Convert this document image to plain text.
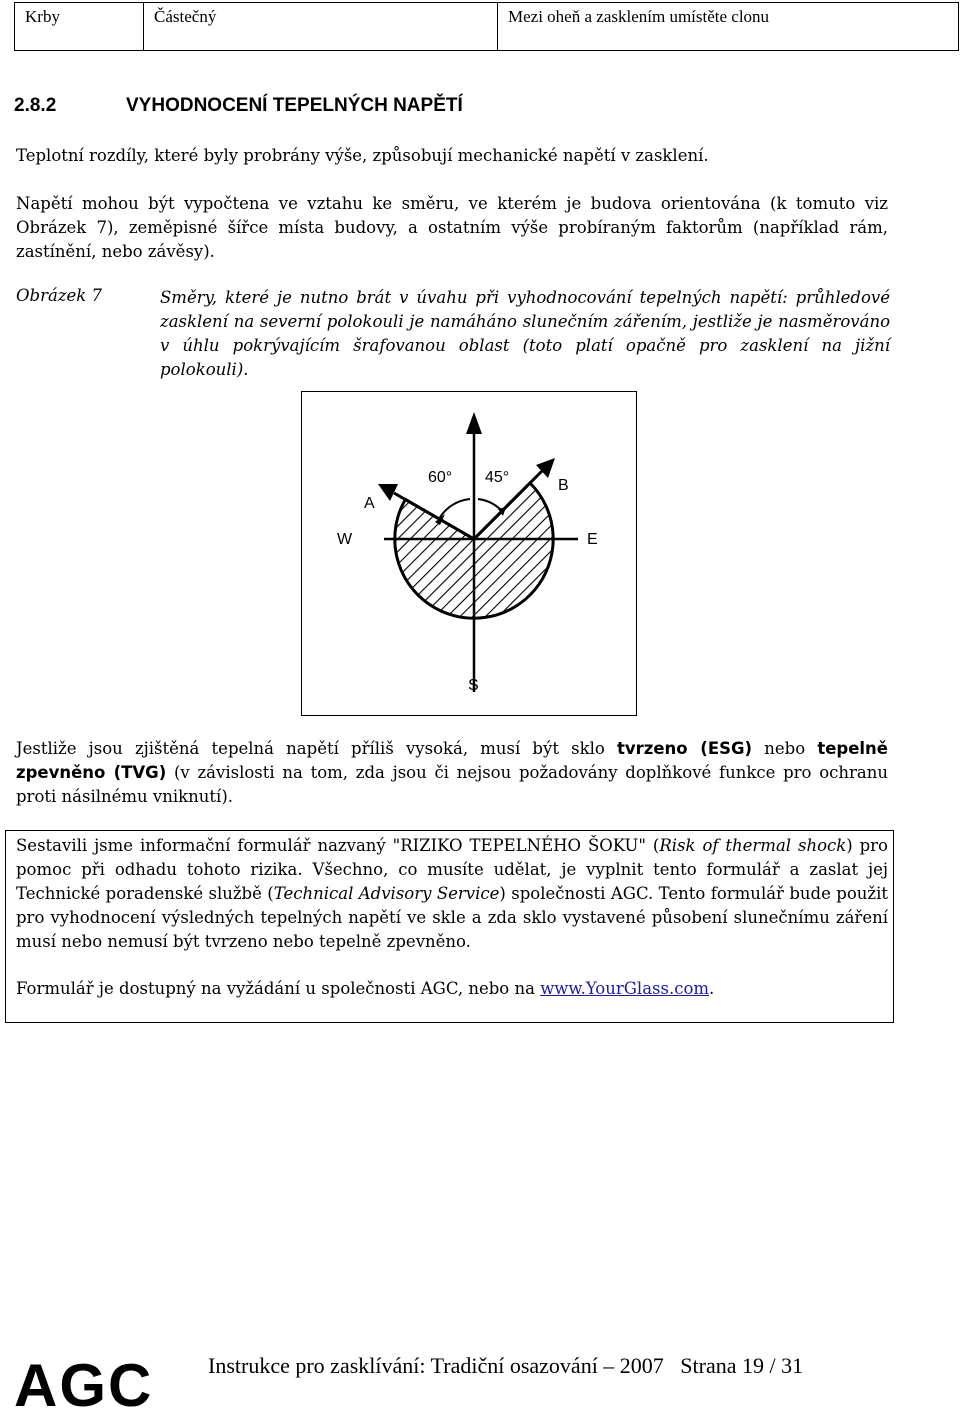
Krby	Částečný	Mezi oheň a zasklením umístěte clonu
2.8.2	VYHODNOCENÍ TEPELNÝCH NAPĚTÍ
Teplotní rozdíly, které byly probrány výše, způsobují mechanické napětí v zasklení.
Napětí mohou být vypočtena ve vztahu ke směru, ve kterém je budova orientována (k tomuto viz Obrázek 7), zeměpisné šířce místa budovy, a ostatním výše probíraným faktorům (například rám, zastínění, nebo závěsy).
Obrázek 7	Směry, které je nutno brát v úvahu při vyhodnocování tepelných napětí: průhledové zasklení na severní polokouli je namáháno slunečním zářením, jestliže je nasměrováno v úhlu pokrývajícím šrafovanou oblast (toto platí opačně pro zasklení na jižní polokouli).
60° 45°
A
B
W	E
S
Jestliže jsou zjištěná tepelná napětí příliš vysoká, musí být sklo tvrzeno (ESG) nebo tepelně zpevněno (TVG) (v závislosti na tom, zda jsou či nejsou požadovány doplňkové funkce pro ochranu proti násilnému vniknutí).

Sestavili jsme informační formulář nazvaný "RIZIKO TEPELNÉHO ŠOKU" (Risk of thermal shock) pro pomoc při odhadu tohoto rizika. Všechno, co musíte udělat, je vyplnit tento formulář a zaslat jej Technické poradenské službě (Technical Advisory Service) společnosti AGC. Tento formulář bude použit pro vyhodnocení výsledných tepelných napětí ve skle a zda sklo vystavené působení slunečnímu záření musí nebo nemusí být tvrzeno nebo tepelně zpevněno.

Formulář je dostupný na vyžádání u společnosti AGC, nebo na www.YourGlass.com.

AGC Instrukce pro zasklívání: Tradiční osazování – 2007   Strana 19 / 31
